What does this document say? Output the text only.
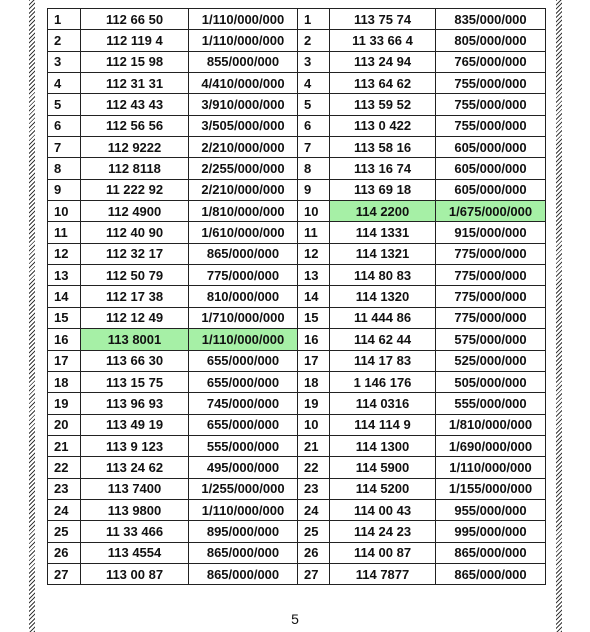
1	112 66 50	1/110/000/000	1	113 75 74	835/000/000
2	112 119 4	1/110/000/000	2	11 33 66 4	805/000/000
3	112 15 98	855/000/000	3	113 24 94	765/000/000
4	112 31 31	4/410/000/000	4	113 64 62	755/000/000
5	112 43 43	3/910/000/000	5	113 59 52	755/000/000
6	112 56 56	3/505/000/000	6	113 0 422	755/000/000
7	112 9222	2/210/000/000	7	113 58 16	605/000/000
8	112 8118	2/255/000/000	8	113 16 74	605/000/000
9	11 222 92	2/210/000/000	9	113 69 18	605/000/000
10	112 4900	1/810/000/000	10	114 2200	1/675/000/000
11	112 40 90	1/610/000/000	11	114 1331	915/000/000
12	112 32 17	865/000/000	12	114 1321	775/000/000
13	112 50 79	775/000/000	13	114 80 83	775/000/000
14	112 17 38	810/000/000	14	114 1320	775/000/000
15	112 12 49	1/710/000/000	15	11 444 86	775/000/000
16	113 8001	1/110/000/000	16	114 62 44	575/000/000
17	113 66 30	655/000/000	17	114 17 83	525/000/000
18	113 15 75	655/000/000	18	1 146 176	505/000/000
19	113 96 93	745/000/000	19	114 0316	555/000/000
20	113 49 19	655/000/000	10	114 114 9	1/810/000/000
21	113 9 123	555/000/000	21	114 1300	1/690/000/000
22	113 24 62	495/000/000	22	114 5900	1/110/000/000
23	113 7400	1/255/000/000	23	114 5200	1/155/000/000
24	113 9800	1/110/000/000	24	114 00 43	955/000/000
25	11 33 466	895/000/000	25	114 24 23	995/000/000
26	113 4554	865/000/000	26	114 00 87	865/000/000
27	113 00 87	865/000/000	27	114 7877	865/000/000
5
